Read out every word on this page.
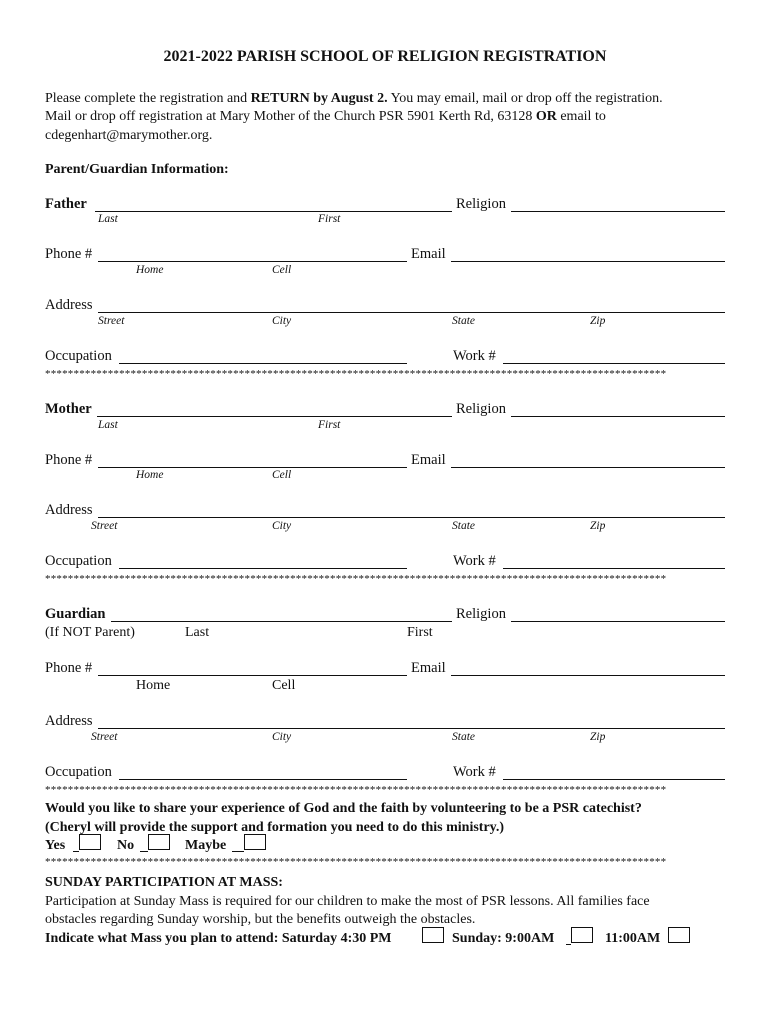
2021-2022 PARISH SCHOOL OF RELIGION REGISTRATION
Please complete the registration and RETURN by August 2. You may email, mail or drop off the registration.
Mail or drop off registration at Mary Mother of the Church PSR 5901 Kerth Rd, 63128 OR email to
cdegenhart@marymother.org.
Parent/Guardian Information:
Father	Religion
Last	First
Phone #	Email
Home	Cell
Address
Street	City	State	Zip
Occupation	Work #
*************************************************************************************************************
Mother	Religion
Last	First
Phone #	Email
Home	Cell
Address
Street	City	State	Zip
Occupation	Work #
*************************************************************************************************************
Guardian	Religion
(If NOT Parent)	Last	First
Phone #	Email
Home	Cell
Address
Street	City	State	Zip
Occupation	Work #
*************************************************************************************************************
Would you like to share your experience of God and the faith by volunteering to be a PSR catechist?
(Cheryl will provide the support and formation you need to do this ministry.)
Yes	No	Maybe
*************************************************************************************************************
SUNDAY PARTICIPATION AT MASS:
Participation at Sunday Mass is required for our children to make the most of PSR lessons. All families face
obstacles regarding Sunday worship, but the benefits outweigh the obstacles.
Indicate what Mass you plan to attend: Saturday 4:30 PM	Sunday: 9:00AM	11:00AM
